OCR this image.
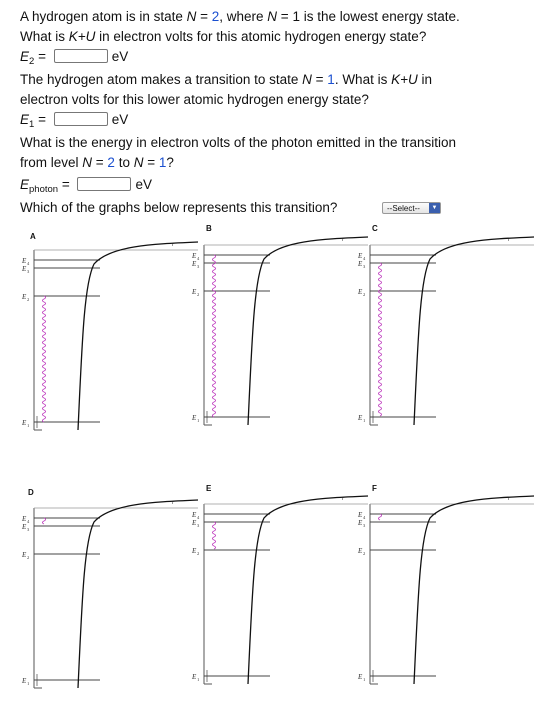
A hydrogen atom is in state N = 2, where N = 1 is the lowest energy state.
What is K+U in electron volts for this atomic hydrogen energy state?
$E_2$ =	eV
The hydrogen atom makes a transition to state N = 1. What is K+U in
electron volts for this lower atomic hydrogen energy state?
$E_1$ =	eV
What is the energy in electron volts of the photon emitted in the transition
from level N = 2 to N = 1?
$E_{photon}$ =	eV
Which of the graphs below represents this transition?	--Select--	▼
A
E 4
E 3
E 2
E 1
r
B
E 4
E 3
E 2
E 1
r
C
E 4
E 3
E 2
E 1
r
D
E 4
E 3
E 2
E 1
r
E
E 4
E 3
E 2
E 1
r
F
E 4
E 3
E 2
E 1
r
